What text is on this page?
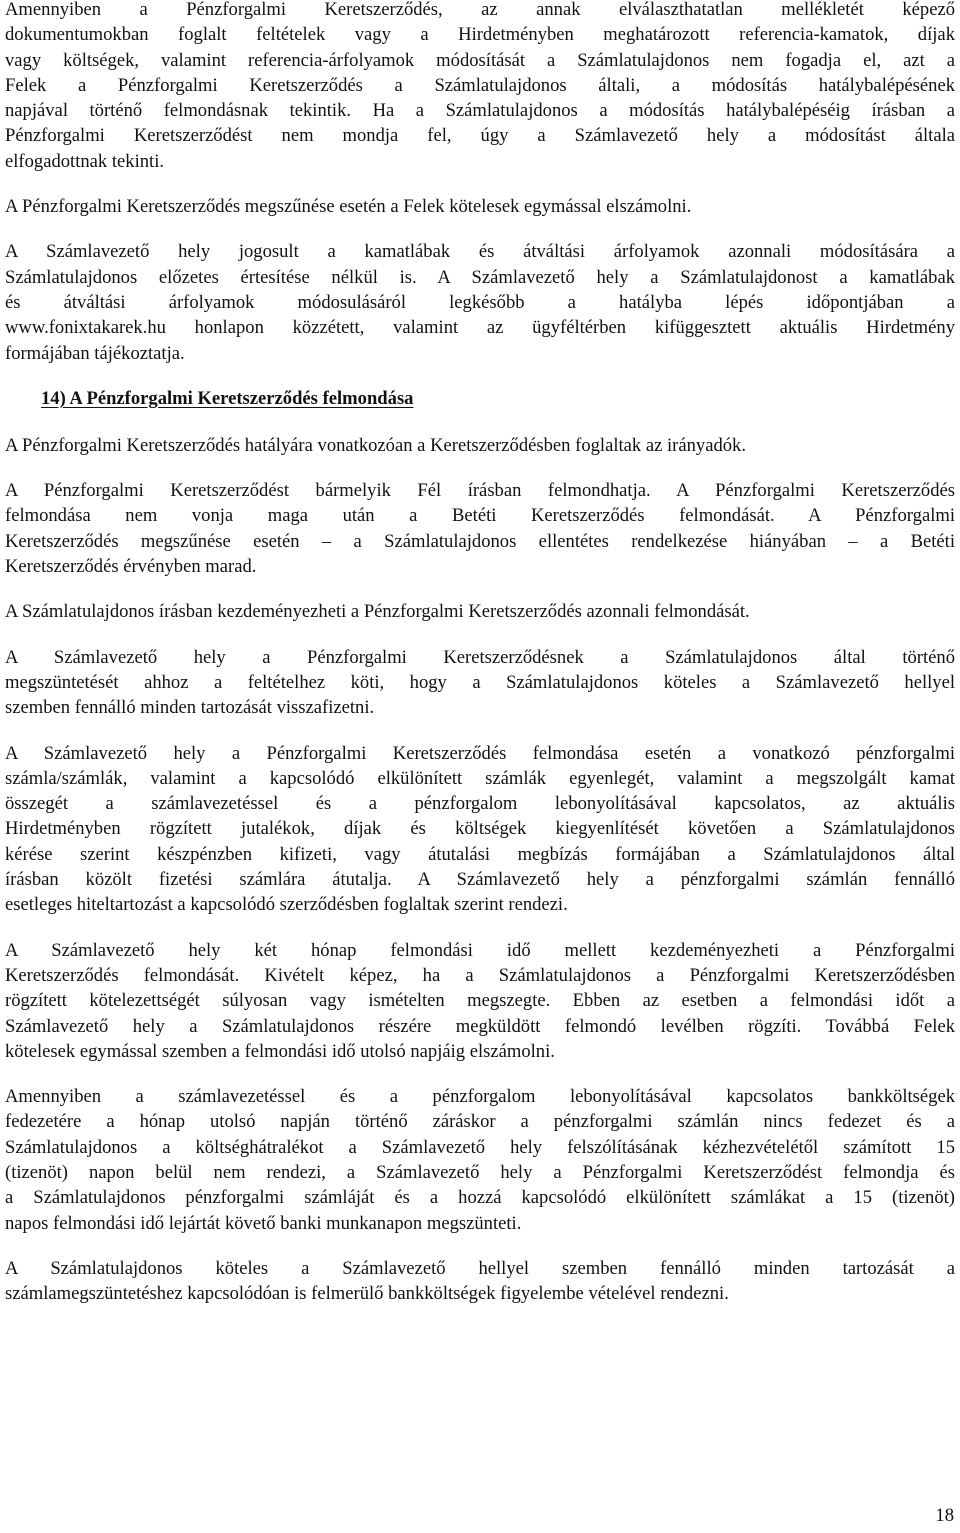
Amennyiben a Pénzforgalmi Keretszerződés, az annak elválaszthatatlan mellékletét képező
dokumentumokban foglalt feltételek vagy a Hirdetményben meghatározott referencia-kamatok, díjak
vagy költségek, valamint referencia-árfolyamok módosítását a Számlatulajdonos nem fogadja el, azt a
Felek a Pénzforgalmi Keretszerződés a Számlatulajdonos általi, a módosítás hatálybalépésének
napjával történő felmondásnak tekintik. Ha a Számlatulajdonos a módosítás hatálybalépéséig írásban a
Pénzforgalmi Keretszerződést nem mondja fel, úgy a Számlavezető hely a módosítást általa
elfogadottnak tekinti.

A Pénzforgalmi Keretszerződés megszűnése esetén a Felek kötelesek egymással elszámolni.

A Számlavezető hely jogosult a kamatlábak és átváltási árfolyamok azonnali módosítására a
Számlatulajdonos előzetes értesítése nélkül is. A Számlavezető hely a Számlatulajdonost a kamatlábak
és átváltási árfolyamok módosulásáról legkésőbb a hatályba lépés időpontjában a
www.fonixtakarek.hu honlapon közzétett, valamint az ügyféltérben kifüggesztett aktuális Hirdetmény
formájában tájékoztatja.

14) A Pénzforgalmi Keretszerződés felmondása

A Pénzforgalmi Keretszerződés hatályára vonatkozóan a Keretszerződésben foglaltak az irányadók.

A Pénzforgalmi Keretszerződést bármelyik Fél írásban felmondhatja. A Pénzforgalmi Keretszerződés
felmondása nem vonja maga után a Betéti Keretszerződés felmondását. A Pénzforgalmi
Keretszerződés megszűnése esetén ‒ a Számlatulajdonos ellentétes rendelkezése hiányában ‒ a Betéti
Keretszerződés érvényben marad.

A Számlatulajdonos írásban kezdeményezheti a Pénzforgalmi Keretszerződés azonnali felmondását.

A Számlavezető hely a Pénzforgalmi Keretszerződésnek a Számlatulajdonos által történő
megszüntetését ahhoz a feltételhez köti, hogy a Számlatulajdonos köteles a Számlavezető hellyel
szemben fennálló minden tartozását visszafizetni.

A Számlavezető hely a Pénzforgalmi Keretszerződés felmondása esetén a vonatkozó pénzforgalmi
számla/számlák, valamint a kapcsolódó elkülönített számlák egyenlegét, valamint a megszolgált kamat
összegét a számlavezetéssel és a pénzforgalom lebonyolításával kapcsolatos, az aktuális
Hirdetményben rögzített jutalékok, díjak és költségek kiegyenlítését követően a Számlatulajdonos
kérése szerint készpénzben kifizeti, vagy átutalási megbízás formájában a Számlatulajdonos által
írásban közölt fizetési számlára átutalja. A Számlavezető hely a pénzforgalmi számlán fennálló
esetleges hiteltartozást a kapcsolódó szerződésben foglaltak szerint rendezi.

A Számlavezető hely két hónap felmondási idő mellett kezdeményezheti a Pénzforgalmi
Keretszerződés felmondását. Kivételt képez, ha a Számlatulajdonos a Pénzforgalmi Keretszerződésben
rögzített kötelezettségét súlyosan vagy ismételten megszegte. Ebben az esetben a felmondási időt a
Számlavezető hely a Számlatulajdonos részére megküldött felmondó levélben rögzíti. Továbbá Felek
kötelesek egymással szemben a felmondási idő utolsó napjáig elszámolni.

Amennyiben a számlavezetéssel és a pénzforgalom lebonyolításával kapcsolatos bankköltségek
fedezetére a hónap utolsó napján történő záráskor a pénzforgalmi számlán nincs fedezet és a
Számlatulajdonos a költséghátralékot a Számlavezető hely felszólításának kézhezvételétől számított 15
(tizenöt) napon belül nem rendezi, a Számlavezető hely a Pénzforgalmi Keretszerződést felmondja és
a Számlatulajdonos pénzforgalmi számláját és a hozzá kapcsolódó elkülönített számlákat a 15 (tizenöt)
napos felmondási idő lejártát követő banki munkanapon megszünteti.

A Számlatulajdonos köteles a Számlavezető hellyel szemben fennálló minden tartozását a
számlamegszüntetéshez kapcsolódóan is felmerülő bankköltségek figyelembe vételével rendezni.

18
